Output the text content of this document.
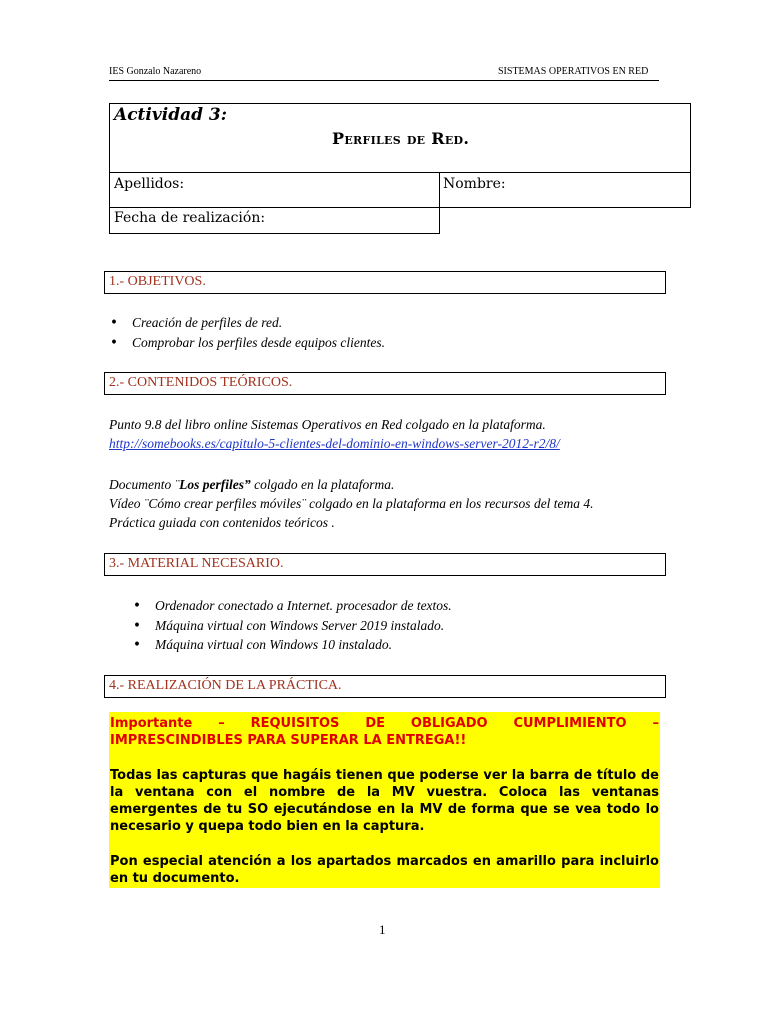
IES Gonzalo Nazareno	SISTEMAS OPERATIVOS EN RED
Actividad 3:
Perfiles de Red.
Apellidos:	Nombre:
Fecha de realización:
1.- OBJETIVOS.
• Creación de perfiles de red.
• Comprobar los perfiles desde equipos clientes.
2.- CONTENIDOS TEÓRICOS.
Punto 9.8 del libro online Sistemas Operativos en Red colgado en la plataforma.
http://somebooks.es/capitulo-5-clientes-del-dominio-en-windows-server-2012-r2/8/
Documento ¨Los perfiles” colgado en la plataforma.
Vídeo ¨Cómo crear perfiles móviles¨ colgado en la plataforma en los recursos del tema 4.
Práctica guiada con contenidos teóricos .
3.- MATERIAL NECESARIO.
• Ordenador conectado a Internet. procesador de textos.
• Máquina virtual con Windows Server 2019 instalado.
• Máquina virtual con Windows 10 instalado.
4.- REALIZACIÓN DE LA PRÁCTICA.
Importante – REQUISITOS DE OBLIGADO CUMPLIMIENTO – IMPRESCINDIBLES PARA SUPERAR LA ENTREGA!!
Todas las capturas que hagáis tienen que poderse ver la barra de título de la ventana con el nombre de la MV vuestra. Coloca las ventanas emergentes de tu SO ejecutándose en la MV de forma que se vea todo lo necesario y quepa todo bien en la captura.
Pon especial atención a los apartados marcados en amarillo para incluirlo en tu documento.
1
